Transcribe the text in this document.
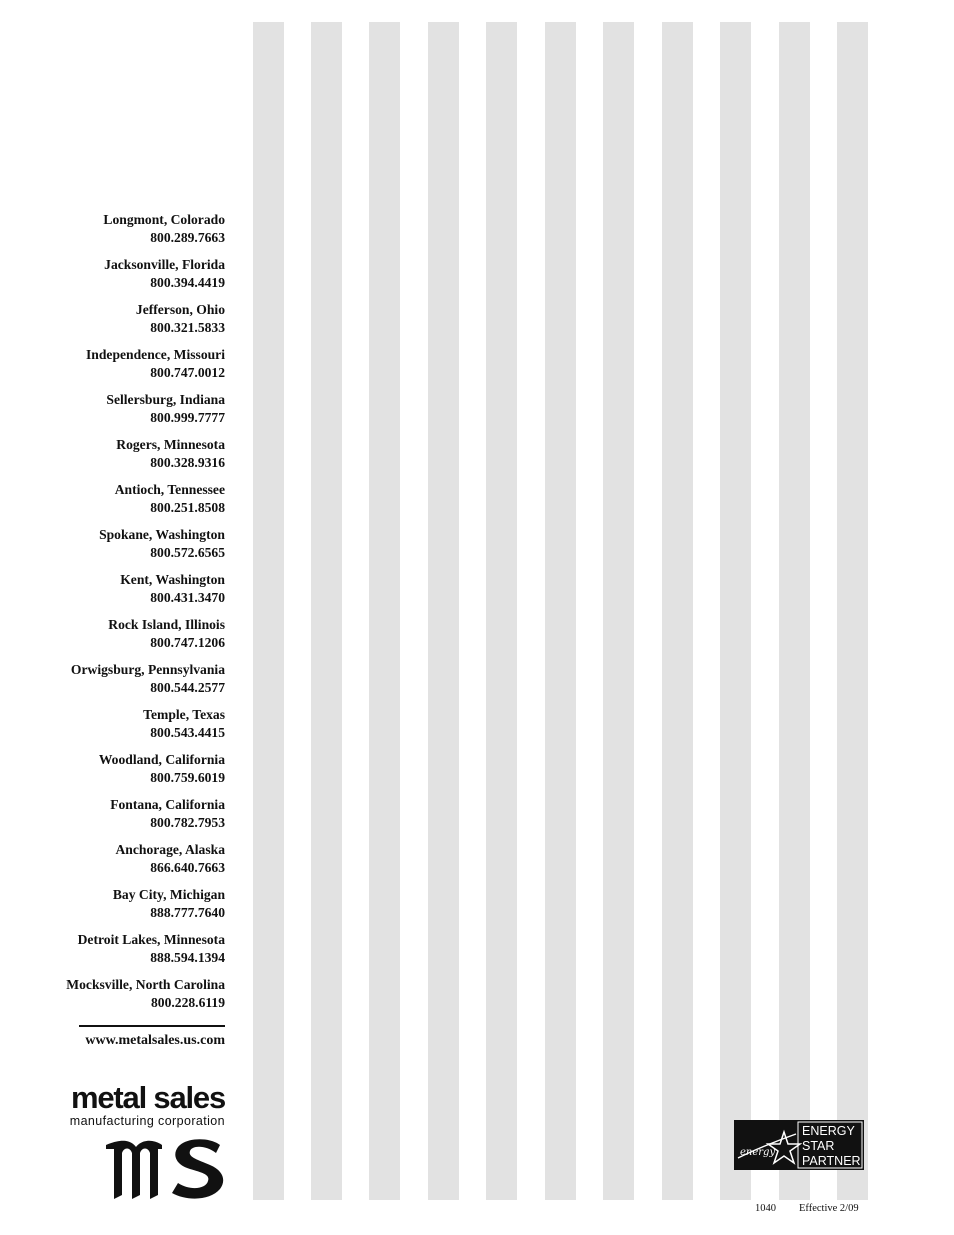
Longmont, Colorado
800.289.7663
Jacksonville, Florida
800.394.4419
Jefferson, Ohio
800.321.5833
Independence, Missouri
800.747.0012
Sellersburg, Indiana
800.999.7777
Rogers, Minnesota
800.328.9316
Antioch, Tennessee
800.251.8508
Spokane, Washington
800.572.6565
Kent, Washington
800.431.3470
Rock Island, Illinois
800.747.1206
Orwigsburg, Pennsylvania
800.544.2577
Temple, Texas
800.543.4415
Woodland, California
800.759.6019
Fontana, California
800.782.7953
Anchorage, Alaska
866.640.7663
Bay City, Michigan
888.777.7640
Detroit Lakes, Minnesota
888.594.1394
Mocksville, North Carolina
800.228.6119
www.metalsales.us.com
metal sales
manufacturing corporation
energy
ENERGY
STAR
PARTNER
1040 Effective 2/09
